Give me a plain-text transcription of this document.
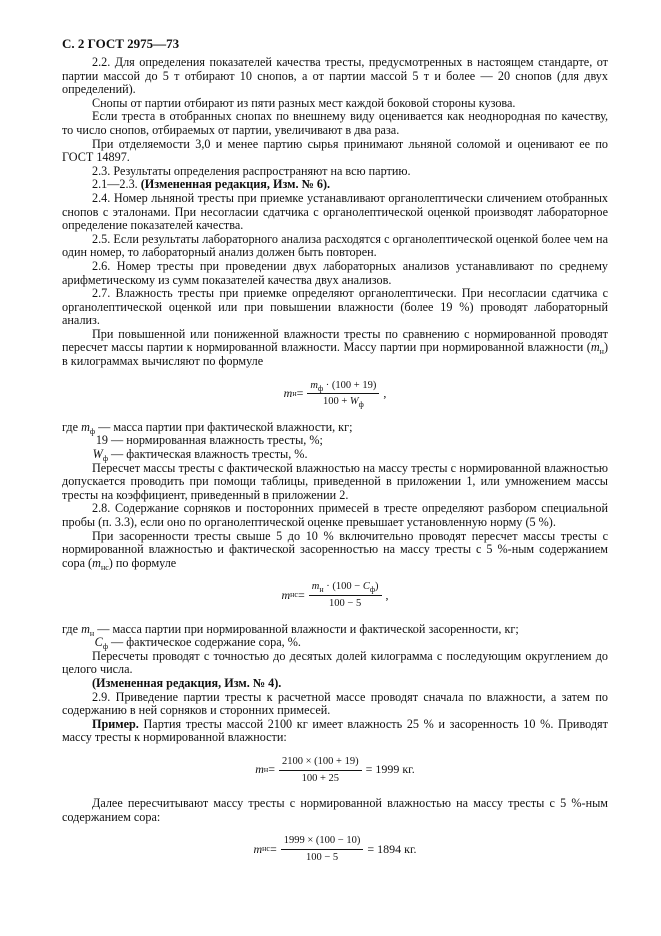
С. 2 ГОСТ 2975—73

2.2. Для определения показателей качества тресты, предусмотренных в настоящем стандарте, от партии массой до 5 т отбирают 10 снопов, а от партии массой 5 т и более — 20 снопов (для двух определений).

Снопы от партии отбирают из пяти разных мест каждой боковой стороны кузова.

Если треста в отобранных снопах по внешнему виду оценивается как неоднородная по качеству, то число снопов, отбираемых от партии, увеличивают в два раза.

При отделяемости 3,0 и менее партию сырья принимают льняной соломой и оценивают ее по ГОСТ 14897.

2.3. Результаты определения распространяют на всю партию.

2.1—2.3. (Измененная редакция, Изм. № 6).

2.4. Номер льняной тресты при приемке устанавливают органолептически сличением отобранных снопов с эталонами. При несогласии сдатчика с органолептической оценкой производят лабораторное определение показателей качества.

2.5. Если результаты лабораторного анализа расходятся с органолептической оценкой более чем на один номер, то лабораторный анализ должен быть повторен.

2.6. Номер тресты при проведении двух лабораторных анализов устанавливают по среднему арифметическому из сумм показателей качества двух анализов.

2.7. Влажность тресты при приемке определяют органолептически. При несогласии сдатчика с органолептической оценкой или при повышении влажности (более 19 %) проводят лабораторный анализ.

При повышенной или пониженной влажности тресты по сравнению с нормированной проводят пересчет массы партии к нормированной влажности. Массу партии при нормированной влажности $(m_н)$ в килограммах вычисляют по формуле

m $н = \frac{m_ф \cdot (100 + 19)}{100 + W_ф}$ ,

где $m_ф$ — масса партии при фактической влажности, кг;

19 — нормированная влажность тресты, %;

$W_ф$ — фактическая влажность тресты, %.

Пересчет массы тресты с фактической влажностью на массу тресты с нормированной влажностью допускается проводить при помощи таблицы, приведенной в приложении 1, или умножением массы тресты на коэффициент, приведенный в приложении 2.

2.8. Содержание сорняков и посторонних примесей в тресте определяют разбором специальной пробы (п. 3.3), если оно по органолептической оценке превышает установленную норму (5 %).

При засоренности тресты свыше 5 до 10 % включительно проводят пересчет массы тресты с нормированной влажностью и фактической засоренностью на массу тресты с 5 %-ным содержанием сора $(m_{нс})$ по формуле

m нс = $\frac{m_н \cdot (100 - C_ф)}{100 - 5}$ ,

где $m_н$ — масса партии при нормированной влажности и фактической засоренности, кг;

$C_ф$ — фактическое содержание сора, %.

Пересчеты проводят с точностью до десятых долей килограмма с последующим округлением до целого числа.

(Измененная редакция, Изм. № 4).

2.9. Приведение партии тресты к расчетной массе проводят сначала по влажности, а затем по содержанию в ней сорняков и сторонних примесей.

Пример. Партия тресты массой 2100 кг имеет влажность 25 % и засоренность 10 %. Приводят массу тресты к нормированной влажности:

m $н = \frac{2100 \times (100 + 19)}{100 + 25} = 1999$ кг.

Далее пересчитывают массу тресты с нормированной влажностью на массу тресты с 5 %-ным содержанием сора:

m нс = $\frac{1999 \times (100 - 10)}{100 - 5} = 1894$ кг.
